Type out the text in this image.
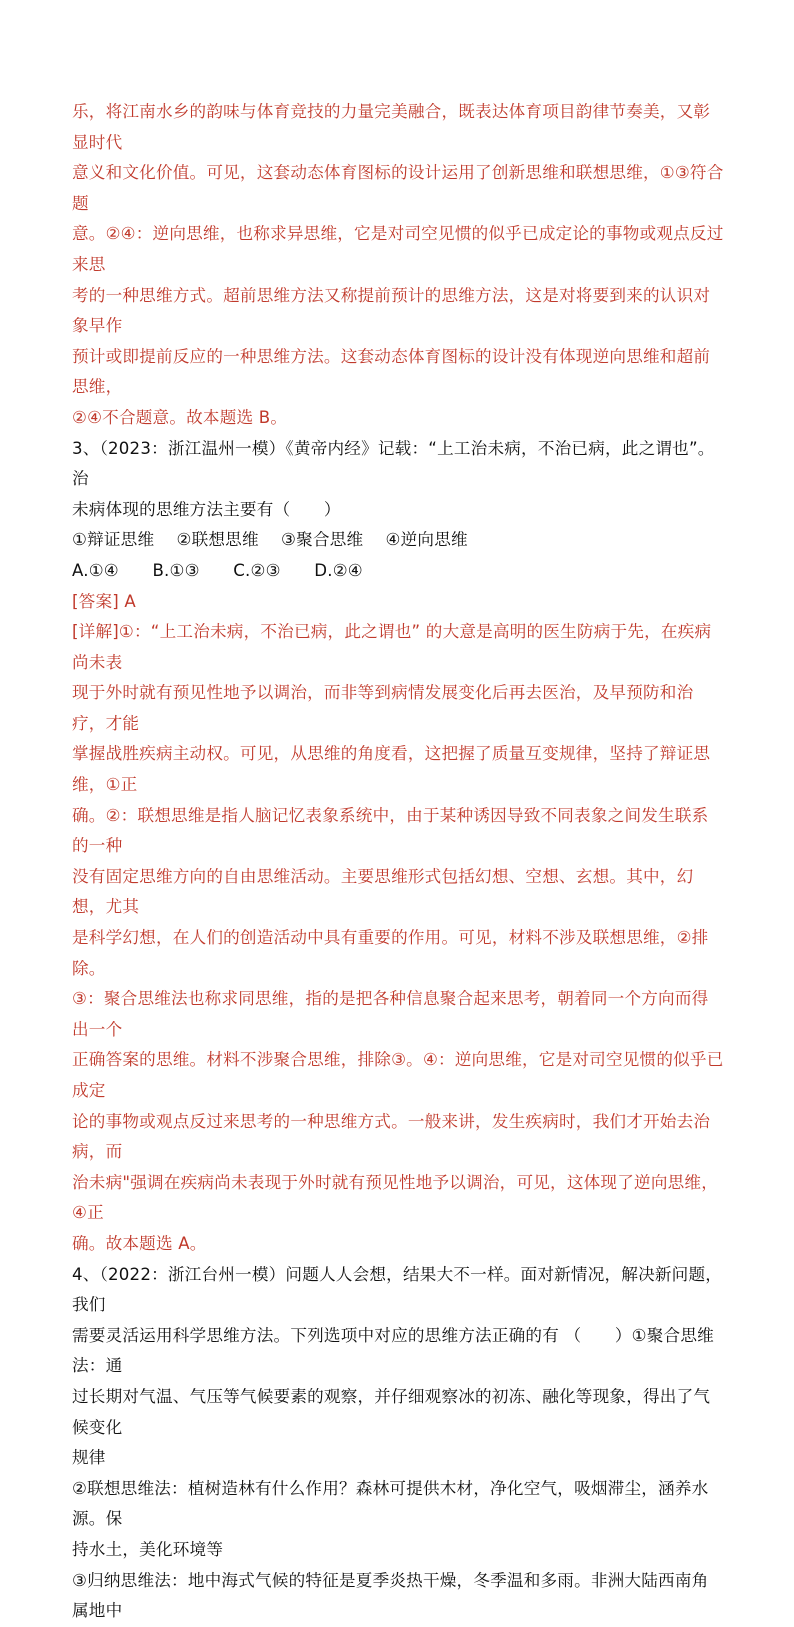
乐，将江南水乡的韵味与体育竞技的力量完美融合，既表达体育项目韵律节奏美，又彰显时代

意义和文化价值。可见，这套动态体育图标的设计运用了创新思维和联想思维，①③符合题

意。②④：逆向思维，也称求异思维，它是对司空见惯的似乎已成定论的事物或观点反过来思

考的一种思维方式。超前思维方法又称提前预计的思维方法，这是对将要到来的认识对象早作

预计或即提前反应的一种思维方法。这套动态体育图标的设计没有体现逆向思维和超前思维，

②④不合题意。故本题选 B。

3、（2023：浙江温州一模）《黄帝内经》记载：“上工治未病，不治已病，此之谓也”。治

未病体现的思维方法主要有（　　）

①辩证思维　 ②联想思维　 ③聚合思维　 ④逆向思维

A.①④　　B.①③　　C.②③　　D.②④

[答案] A

[详解]①：“上工治未病，不治已病，此之谓也” 的大意是高明的医生防病于先，在疾病尚未表

现于外时就有预见性地予以调治，而非等到病情发展变化后再去医治，及早预防和治疗，才能

掌握战胜疾病主动权。可见，从思维的角度看，这把握了质量互变规律，坚持了辩证思维，①正

确。②：联想思维是指人脑记忆表象系统中，由于某种诱因导致不同表象之间发生联系的一种

没有固定思维方向的自由思维活动。主要思维形式包括幻想、空想、玄想。其中，幻想，尤其

是科学幻想，在人们的创造活动中具有重要的作用。可见，材料不涉及联想思维，②排除。

③：聚合思维法也称求同思维，指的是把各种信息聚合起来思考，朝着同一个方向而得出一个

正确答案的思维。材料不涉聚合思维，排除③。④：逆向思维，它是对司空见惯的似乎已成定

论的事物或观点反过来思考的一种思维方式。一般来讲，发生疾病时，我们才开始去治病，而

治未病"强调在疾病尚未表现于外时就有预见性地予以调治，可见，这体现了逆向思维，④正

确。故本题选 A。

4、（2022：浙江台州一模）问题人人会想，结果大不一样。面对新情况，解决新问题，我们

需要灵活运用科学思维方法。下列选项中对应的思维方法正确的有 （　　）①聚合思维法：通

过长期对气温、气压等气候要素的观察，并仔细观察冰的初冻、融化等现象，得出了气候变化

规律

②联想思维法：植树造林有什么作用？森林可提供木材，净化空气，吸烟滞尘，涵养水源。保

持水土，美化环境等

③归纳思维法：地中海式气候的特征是夏季炎热干燥，冬季温和多雨。非洲大陆西南角属地中
